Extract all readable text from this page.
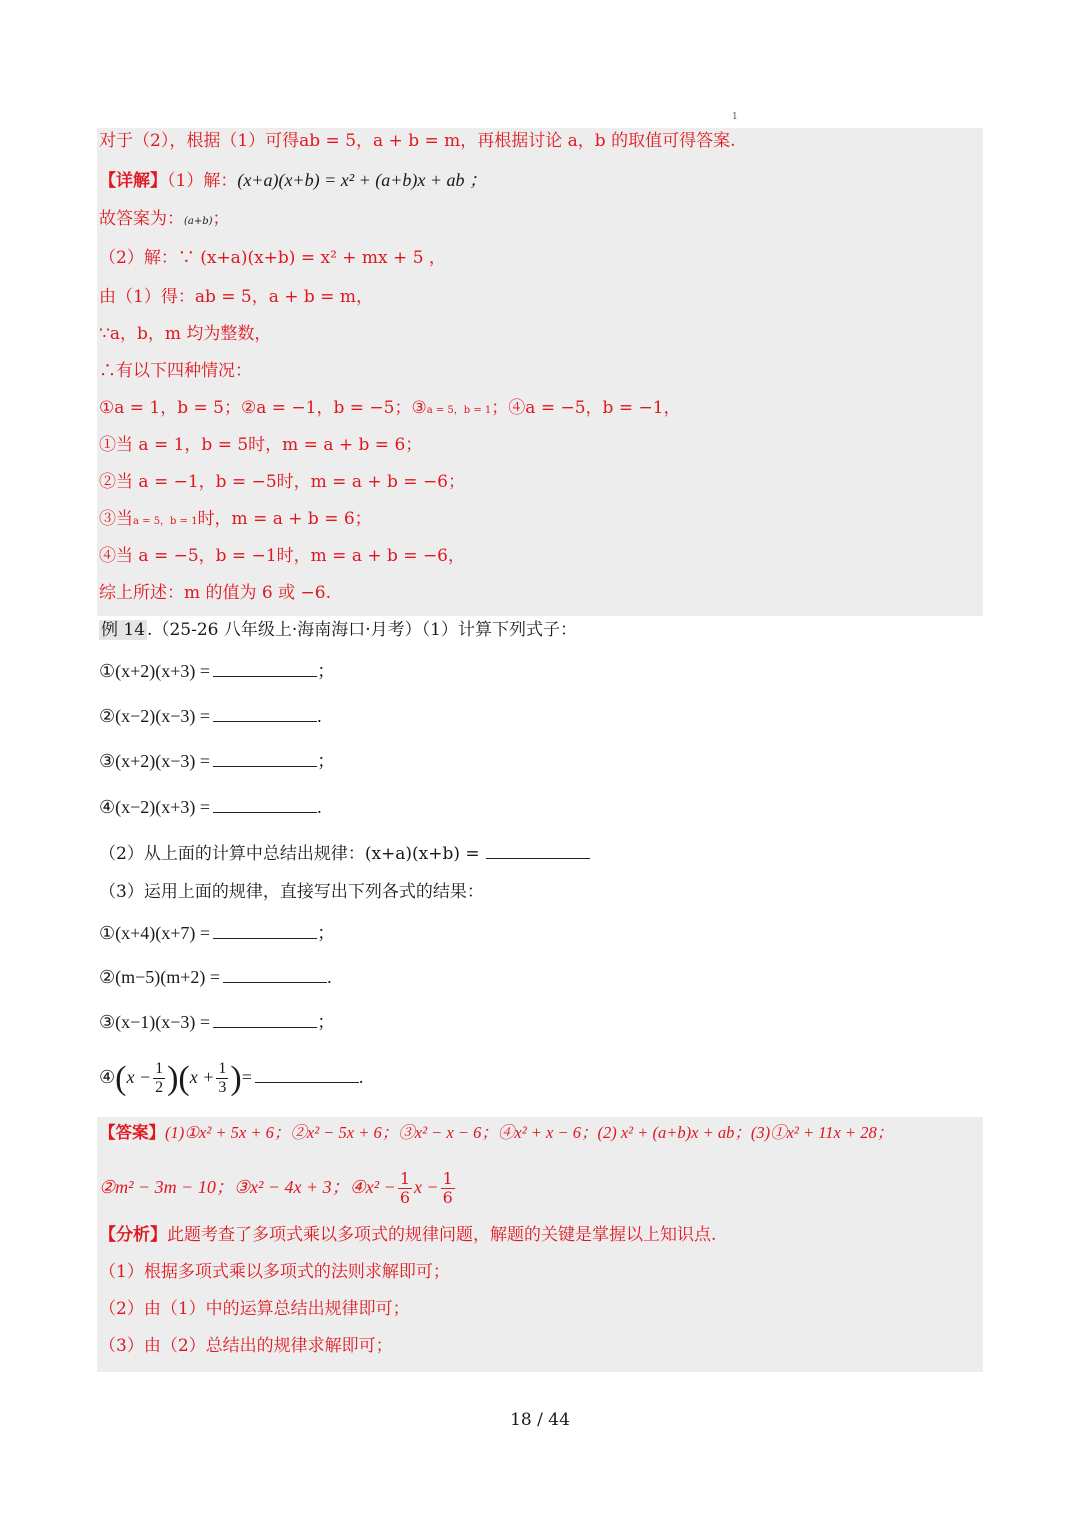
1
对于（2），根据（1）可得ab = 5，a + b = m，再根据讨论 a，b 的取值可得答案.
【详解】（1）解：(x+a)(x+b) = x² + (a+b)x + ab ；
故答案为：(a+b)；
（2）解：∵ (x+a)(x+b) = x² + mx + 5 ，
由（1）得：ab = 5，a + b = m，
∵a，b，m 均为整数，
∴有以下四种情况：
①a = 1，b = 5；②a = −1，b = −5；③a = 5，b = 1；④a = −5，b = −1，
①当 a = 1，b = 5时，m = a + b = 6；
②当 a = −1，b = −5时，m = a + b = −6；
③当a = 5，b = 1时，m = a + b = 6；
④当 a = −5，b = −1时，m = a + b = −6，
综上所述：m 的值为 6 或 −6.
例 14 .（25-26 八年级上·海南海口·月考）（1）计算下列式子：
①(x+2)(x+3) =	；
②(x−2)(x−3) =	.
③(x+2)(x−3) =	；
④(x−2)(x+3) =	.
（2）从上面的计算中总结出规律：(x+a)(x+b) =
（3）运用上面的规律，直接写出下列各式的结果：
①(x+4)(x+7) =	；
②(m−5)(m+2) =	.
③(x−1)(x−3) =	；
④(x − $\frac{1}{2} )(x + \frac{1}{3}$ )=	.
【答案】(1)①x² + 5x + 6；②x² − 5x + 6；③x² − x − 6；④x² + x − 6；(2) x² + (a+b)x + ab；(3)①x² + 11x + 28；
②m² − 3m − 10；③x² − 4x + 3；④x² − $\frac{1}{6}$ $x - \frac{1}{6}$
【分析】此题考查了多项式乘以多项式的规律问题，解题的关键是掌握以上知识点.
（1）根据多项式乘以多项式的法则求解即可；
（2）由（1）中的运算总结出规律即可；
（3）由（2）总结出的规律求解即可；
18 / 44
